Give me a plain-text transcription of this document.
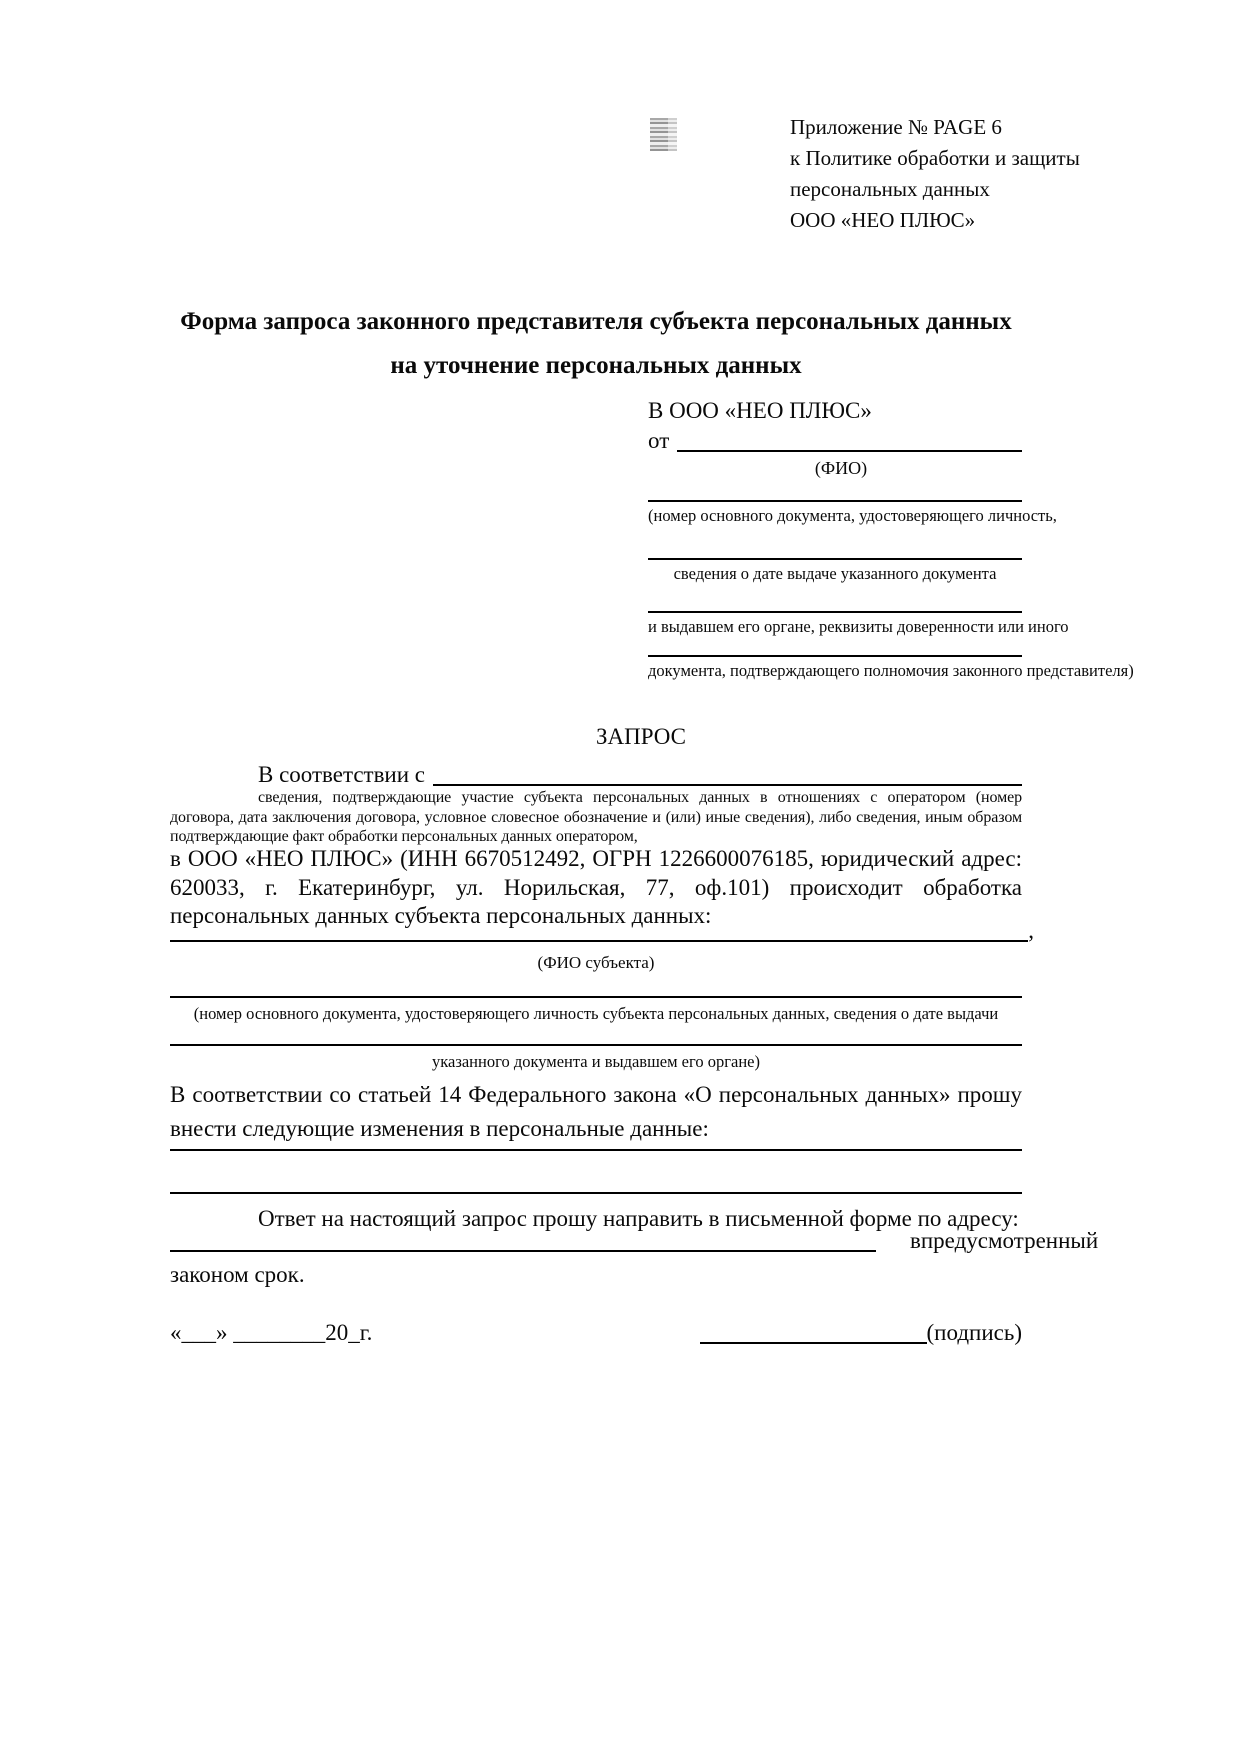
Приложение № PAGE 6
к Политике обработки и защиты
персональных данных
ООО «НЕО ПЛЮС»
Форма запроса законного представителя субъекта персональных данных
на уточнение персональных данных
В ООО «НЕО ПЛЮС»
от
(ФИО)
(номер основного документа, удостоверяющего личность,
сведения о дате выдаче указанного документа
и выдавшем его органе, реквизиты доверенности или иного
документа, подтверждающего полномочия законного представителя)
ЗАПРОС
В соответствии с
сведения, подтверждающие участие субъекта персональных данных в отношениях с оператором (номер договора, дата заключения договора, условное словесное обозначение и (или) иные сведения), либо сведения, иным образом подтверждающие факт обработки персональных данных оператором,
в ООО «НЕО ПЛЮС» (ИНН 6670512492, ОГРН 1226600076185, юридический адрес: 620033, г. Екатеринбург, ул. Норильская, 77, оф.101) происходит обработка персональных данных субъекта персональных данных:
,
(ФИО субъекта)
(номер основного документа, удостоверяющего личность субъекта персональных данных, сведения о дате выдачи
указанного документа и выдавшем его органе)
В соответствии со статьей 14 Федерального закона «О персональных данных» прошу внести следующие изменения в персональные данные:
Ответ на настоящий запрос прошу направить в письменной форме по адресу:
в предусмотренный
законом срок.
«___» ________20_г.	(подпись)
